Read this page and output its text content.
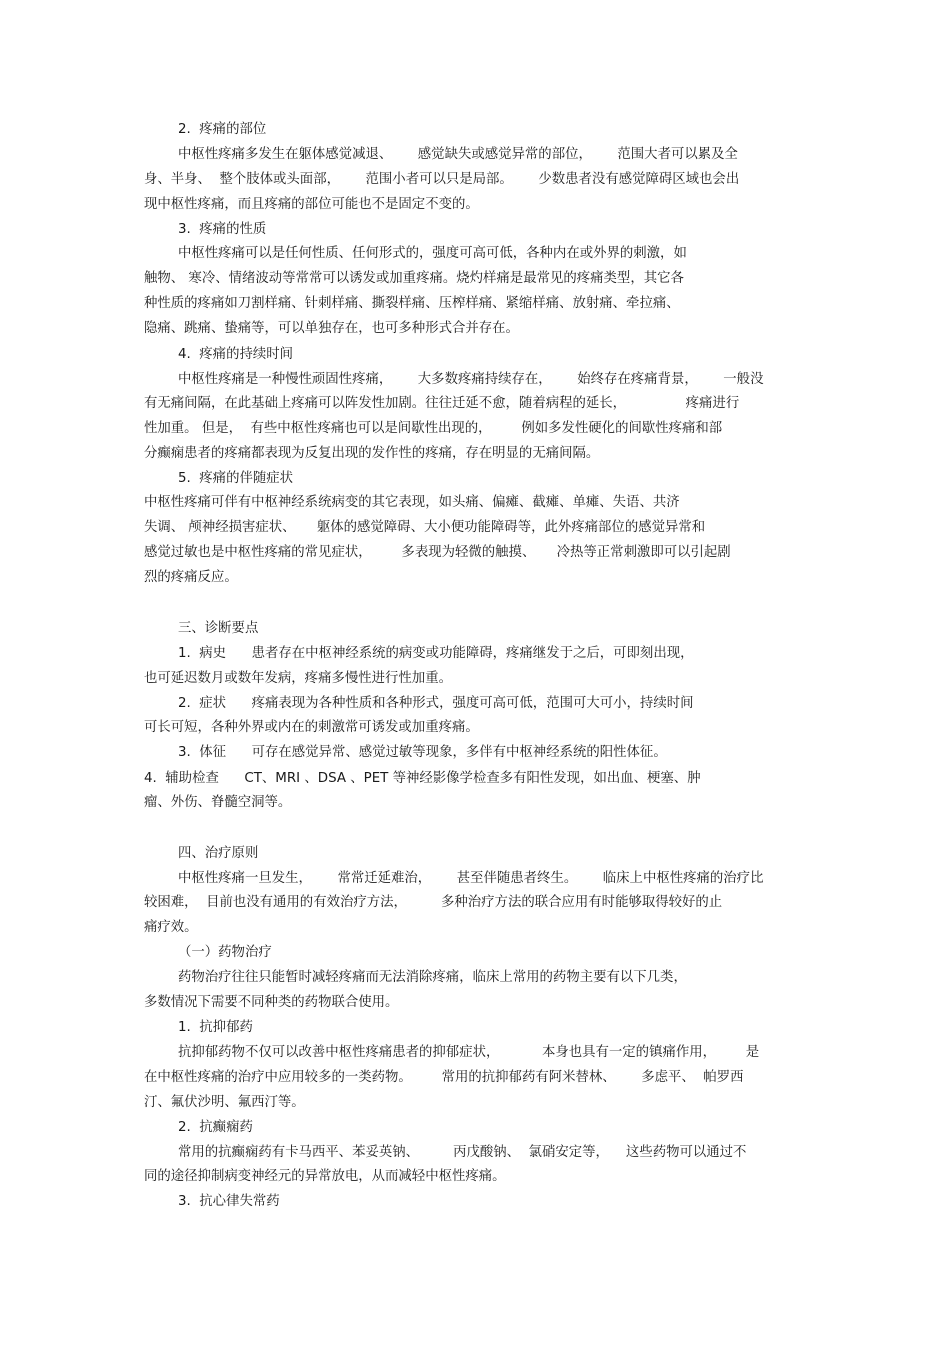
2.  疼痛的部位
中枢性疼痛多发生在躯体感觉减退、      感觉缺失或感觉异常的部位，      范围大者可以累及全
身、半身、  整个肢体或头面部，      范围小者可以只是局部。      少数患者没有感觉障碍区域也会出
现中枢性疼痛，而且疼痛的部位可能也不是固定不变的。
3.  疼痛的性质
中枢性疼痛可以是任何性质、任何形式的，强度可高可低，各种内在或外界的刺激，如
触物、 寒冷、情绪波动等常常可以诱发或加重疼痛。烧灼样痛是最常见的疼痛类型，其它各
种性质的疼痛如刀割样痛、针刺样痛、撕裂样痛、压榨样痛、紧缩样痛、放射痛、牵拉痛、
隐痛、跳痛、蛰痛等，可以单独存在，也可多种形式合并存在。
4.  疼痛的持续时间
中枢性疼痛是一种慢性顽固性疼痛，      大多数疼痛持续存在，      始终存在疼痛背景，      一般没
有无痛间隔，在此基础上疼痛可以阵发性加剧。往往迁延不愈，随着病程的延长，              疼痛进行
性加重。 但是，  有些中枢性疼痛也可以是间歇性出现的，       例如多发性硬化的间歇性疼痛和部
分癫痫患者的疼痛都表现为反复出现的发作性的疼痛，存在明显的无痛间隔。
5.  疼痛的伴随症状
中枢性疼痛可伴有中枢神经系统病变的其它表现，如头痛、偏瘫、截瘫、单瘫、失语、共济
失调、 颅神经损害症状、     躯体的感觉障碍、大小便功能障碍等，此外疼痛部位的感觉异常和
感觉过敏也是中枢性疼痛的常见症状，       多表现为轻微的触摸、     冷热等正常刺激即可以引起剧
烈的疼痛反应。
三、诊断要点
1.  病史      患者存在中枢神经系统的病变或功能障碍，疼痛继发于之后，可即刻出现，
也可延迟数月或数年发病，疼痛多慢性进行性加重。
2.  症状      疼痛表现为各种性质和各种形式，强度可高可低，范围可大可小，持续时间
可长可短，各种外界或内在的刺激常可诱发或加重疼痛。
3.  体征      可存在感觉异常、感觉过敏等现象，多伴有中枢神经系统的阳性体征。
4.  辅助检查      CT、MRI 、DSA 、PET 等神经影像学检查多有阳性发现，如出血、梗塞、肿
瘤、外伤、脊髓空洞等。
四、治疗原则
中枢性疼痛一旦发生，      常常迁延难治，      甚至伴随患者终生。      临床上中枢性疼痛的治疗比
较困难，  目前也没有通用的有效治疗方法，        多种治疗方法的联合应用有时能够取得较好的止
痛疗效。
（一）药物治疗
药物治疗往往只能暂时减轻疼痛而无法消除疼痛，临床上常用的药物主要有以下几类，
多数情况下需要不同种类的药物联合使用。
1.  抗抑郁药
抗抑郁药物不仅可以改善中枢性疼痛患者的抑郁症状，          本身也具有一定的镇痛作用，       是
在中枢性疼痛的治疗中应用较多的一类药物。       常用的抗抑郁药有阿米替林、      多虑平、  帕罗西
汀、氟伏沙明、氟西汀等。
2.  抗癫痫药
常用的抗癫痫药有卡马西平、苯妥英钠、        丙戊酸钠、  氯硝安定等，    这些药物可以通过不
同的途径抑制病变神经元的异常放电，从而减轻中枢性疼痛。
3.  抗心律失常药
